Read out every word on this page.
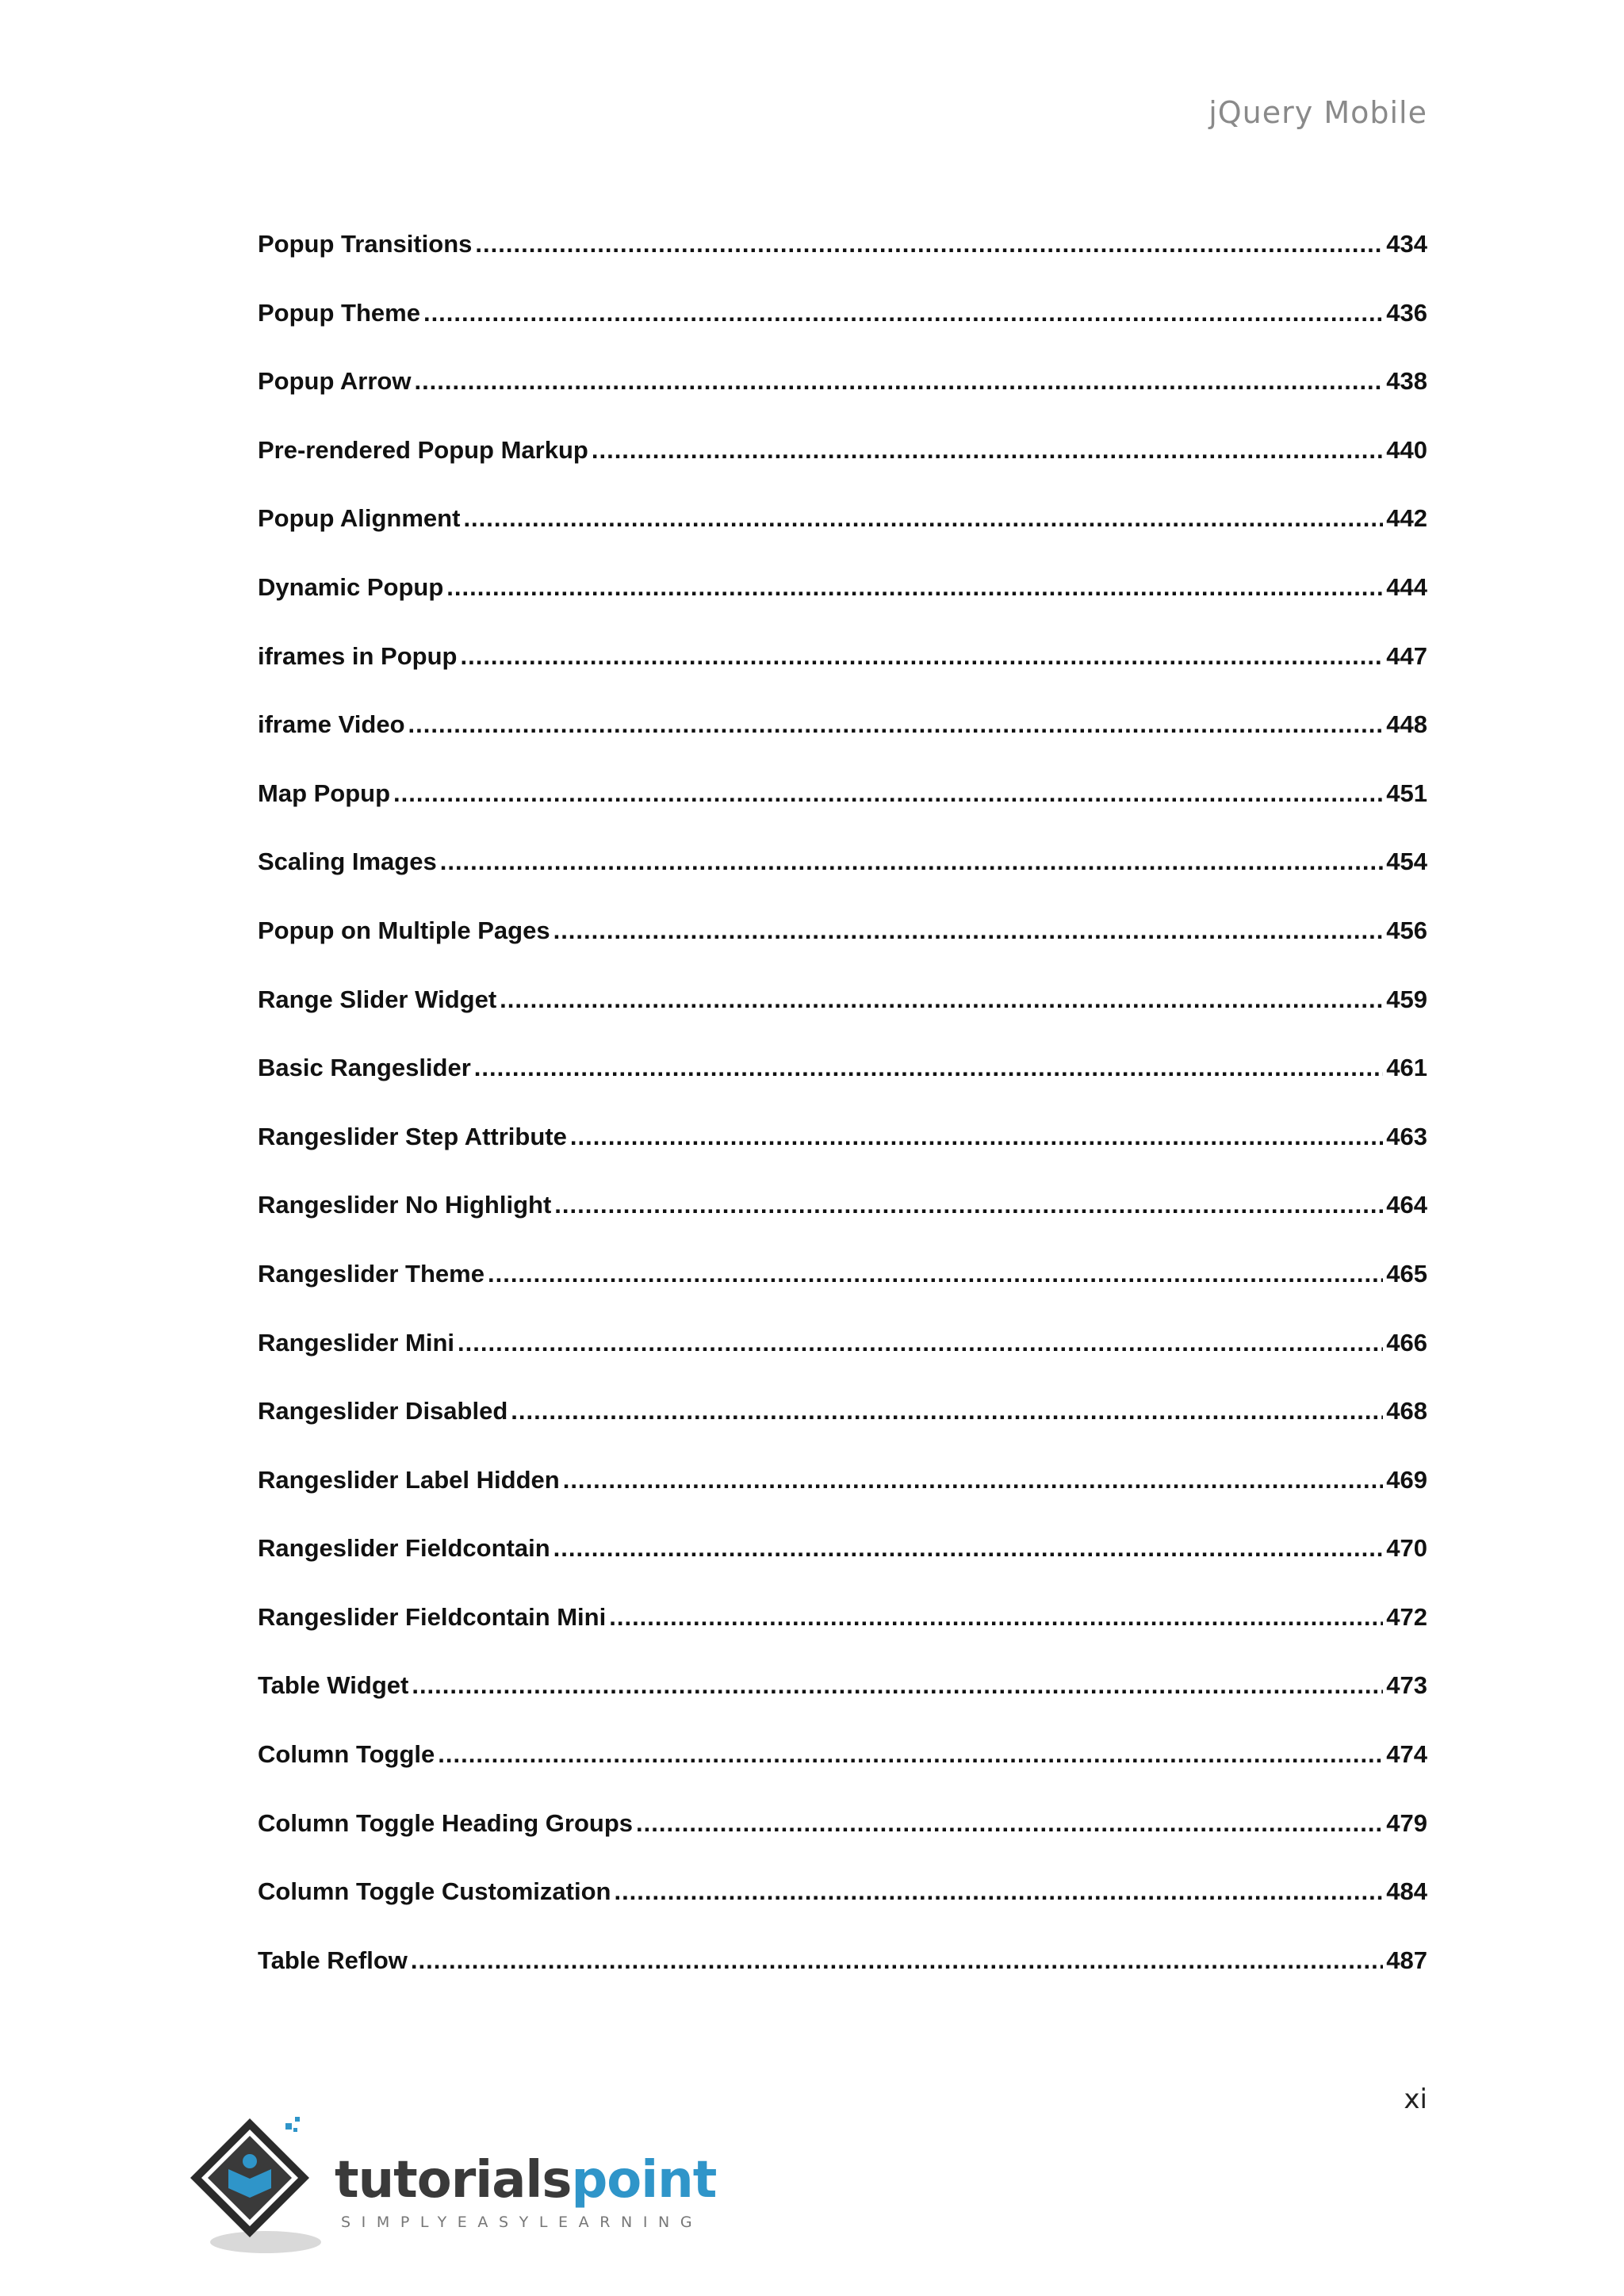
jQuery Mobile
Popup Transitions .....	434
Popup Theme .....	436
Popup Arrow .....	438
Pre-rendered Popup Markup .....	440
Popup Alignment .....	442
Dynamic Popup .....	444
iframes in Popup .....	447
iframe Video .....	448
Map Popup .....	451
Scaling Images .....	454
Popup on Multiple Pages .....	456
Range Slider Widget .....	459
Basic Rangeslider .....	461
Rangeslider Step Attribute .....	463
Rangeslider No Highlight .....	464
Rangeslider Theme .....	465
Rangeslider Mini .....	466
Rangeslider Disabled .....	468
Rangeslider Label Hidden .....	469
Rangeslider Fieldcontain .....	470
Rangeslider Fieldcontain Mini .....	472
Table Widget .....	473
Column Toggle .....	474
Column Toggle Heading Groups .....	479
Column Toggle Customization .....	484
Table Reflow .....	487
xi
tutorialspoint
SIMPLYEASYLEARNING
